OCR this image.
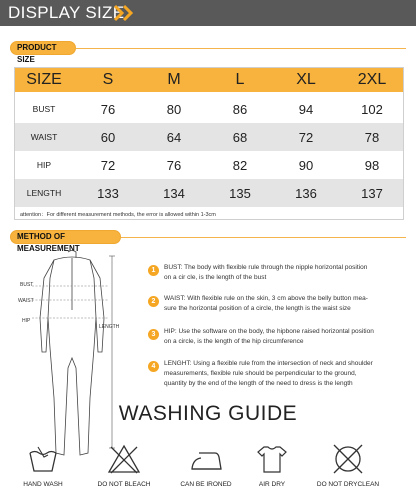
DISPLAY SIZE
PRODUCT SIZE
SIZE	S	M	L	XL	2XL
BUST	76	80	86	94	102
WAIST	60	64	68	72	78
HIP	72	76	82	90	98
LENGTH	133	134	135	136	137
attention：For different measurement methods, the error is allowed within 1-3cm
METHOD OF MEASUREMENT
BUST
WAIST
HIP
LENGTH
1	BUST: The body with flexible rule through the nipple horizontal position
on a cir cle, is the length of the bust
2	WAIST: With flexible rule on the skin, 3 cm above the belly button mea-
sure the horizontal position of a circle, the length is the waist size
3	HIP: Use the software on the body, the hipbone raised horizontal position
on a circle, is the length of the hip circumference
4	LENGHT: Using a flexible rule from the intersection of neck and shoulder
measurements, flexible rule should be perpendicular to the ground,
quantity by the end of the length of the need to dress is the length
WASHING GUIDE
HAND WASH	DO NOT BLEACH	CAN BE IRONED	AIR DRY	DO NOT DRYCLEAN
